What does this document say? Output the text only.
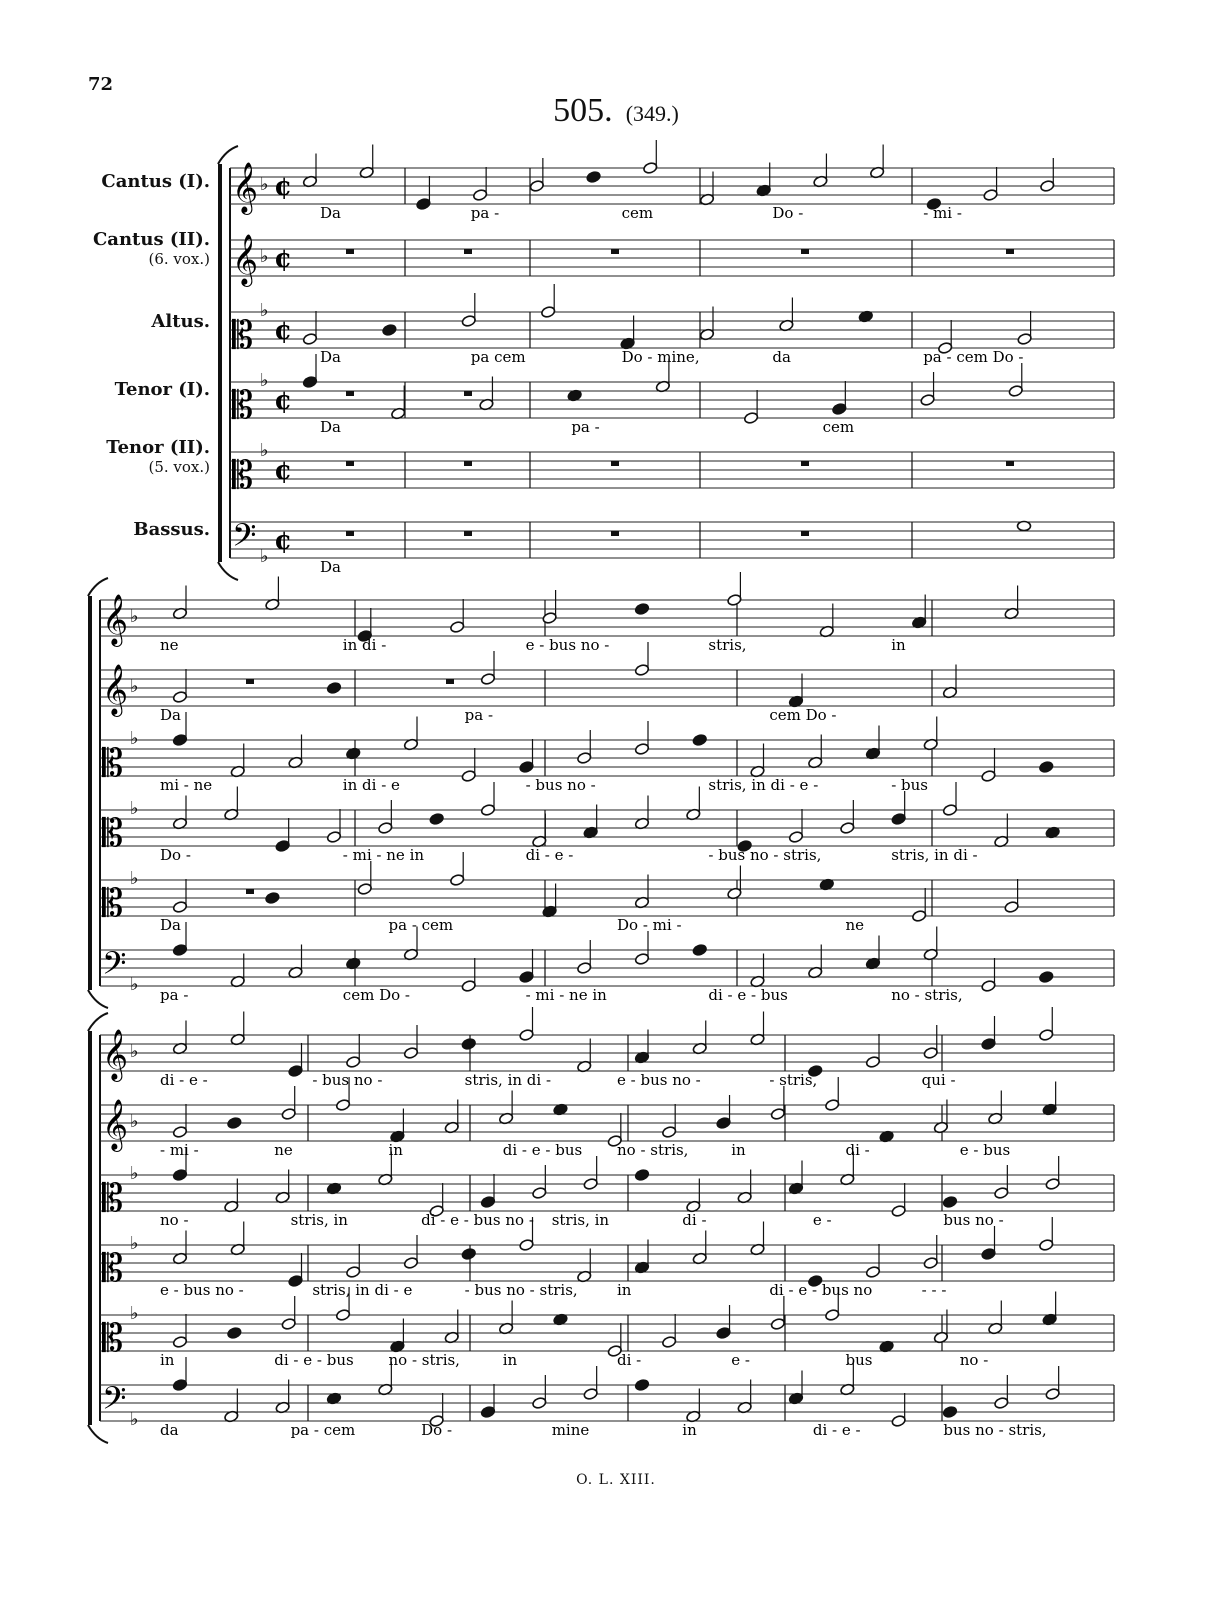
72
505. (349.)
Cantus (I).
Cantus (II).
(6. vox.)
Altus.
Tenor (I).
Tenor (II).
(5. vox.)
Bassus.
𝄞 ♭ ¢
𝄞 ♭ ¢
𝄡
♭
¢
𝄡
♭
¢
𝄡
♭
¢
𝄢 ♭
¢
𝄞 ♭
𝄞 ♭
𝄡
♭
𝄡
♭
𝄡
♭
𝄢 ♭
𝄞 ♭
𝄞 ♭
𝄡
♭
𝄡
♭
𝄡
♭
𝄢 ♭
Da	pa -	cem	Do -	- mi -
Da	pa cem	Do - mine,	da	pa - cem Do -
Da	pa -	cem
Da
ne	in di -	e - bus no -	stris,	in
Da	pa -	cem Do -
mi - ne	in di - e	- bus no -	stris, in di - e -	- bus
Do -	- mi - ne in	di - e -	- bus no - stris,	stris, in di -
Da	pa - cem	Do - mi -	ne
pa -	cem Do -	- mi - ne in	di - e - bus	no - stris,
di - e -	- bus no -	stris, in di -	e - bus no -	- stris,	qui -
- mi -	ne	in	di - e - bus no - stris,	in	di -	e - bus
no -	stris, in	di - e - bus no - stris, in	di -	e -	bus no -
e - bus no -	stris, in di - e	- bus no - stris,	in	di - e - bus no	- - -
in	di - e - bus no - stris,	in	di -	e -	bus	no -
da	pa - cem	Do -	mine	in	di - e -	bus no - stris,
O. L. XIII.
